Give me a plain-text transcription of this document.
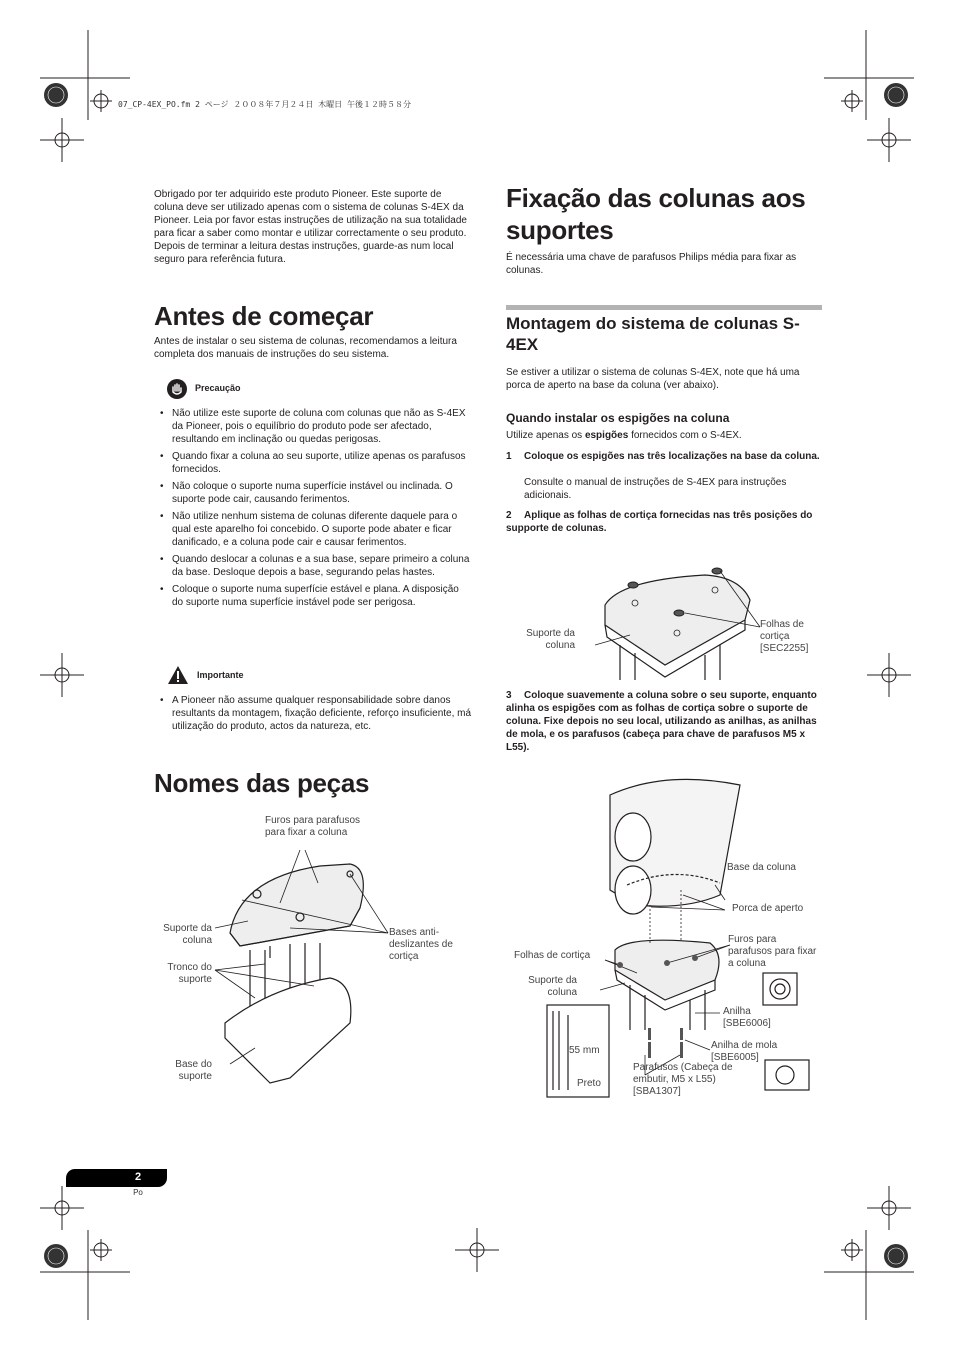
07_CP-4EX_PO.fm 2 ページ ２００８年７月２４日 木曜日 午後１２時５８分
Obrigado por ter adquirido este produto Pioneer. Este suporte de coluna deve ser utilizado apenas com o sistema de colunas S-4EX da Pioneer. Leia por favor estas instruções de utilização na sua totalidade para ficar a saber como montar e utilizar correctamente o seu produto. Depois de terminar a leitura destas instruções, guarde-as num local seguro para referência futura.
Antes de começar
Antes de instalar o seu sistema de colunas, recomendamos a leitura completa dos manuais de instruções do seu sistema.
Precaução
• Não utilize este suporte de coluna com colunas que não as S-4EX da Pioneer, pois o equilíbrio do produto pode ser afectado, resultando em inclinação ou quedas perigosas.
• Quando fixar a coluna ao seu suporte, utilize apenas os parafusos fornecidos.
• Não coloque o suporte numa superfície instável ou inclinada. O suporte pode cair, causando ferimentos.
• Não utilize nenhum sistema de colunas diferente daquele para o qual este aparelho foi concebido. O suporte pode abater e ficar danificado, e a coluna pode cair e causar ferimentos.
• Quando deslocar a colunas e a sua base, separe primeiro a coluna da base. Desloque depois a base, segurando pelas hastes.
• Coloque o suporte numa superfície estável e plana. A disposição do suporte numa superfície instável pode ser perigosa.
Importante
• A Pioneer não assume qualquer responsabilidade sobre danos resultants da montagem, fixação deficiente, reforço insuficiente, má utilização do produto, actos da natureza, etc.
Nomes das peças
Furos para parafusos para fixar a coluna
Suporte da coluna
Bases anti-deslizantes de cortiça
Tronco do suporte
Base do suporte
Fixação das colunas aos suportes
É necessária uma chave de parafusos Philips média para fixar as colunas.
Montagem do sistema de colunas S-4EX
Se estiver a utilizar o sistema de colunas S-4EX, note que há uma porca de aperto na base da coluna (ver abaixo).
Quando instalar os espigões na coluna
Utilize apenas os espigões fornecidos com o S-4EX.
1 Coloque os espigões nas três localizações na base da coluna.
Consulte o manual de instruções de S-4EX para instruções adicionais.
2 Aplique as folhas de cortiça fornecidas nas três posições do supporte de colunas.
Suporte da coluna
Folhas de cortiça [SEC2255]
3 Coloque suavemente a coluna sobre o seu suporte, enquanto alinha os espigões com as folhas de cortiça sobre o suporte de coluna. Fixe depois no seu local, utilizando as anilhas, as anilhas de mola, e os parafusos (cabeça para chave de parafusos M5 x L55).
Base da coluna
Porca de aperto
Folhas de cortiça
Furos para parafusos para fixar a coluna
Suporte da coluna
Anilha [SBE6006]
Anilha de mola [SBE6005]
55 mm
Preto
Parafusos (Cabeça de embutir, M5 x L55) [SBA1307]
2
Po
